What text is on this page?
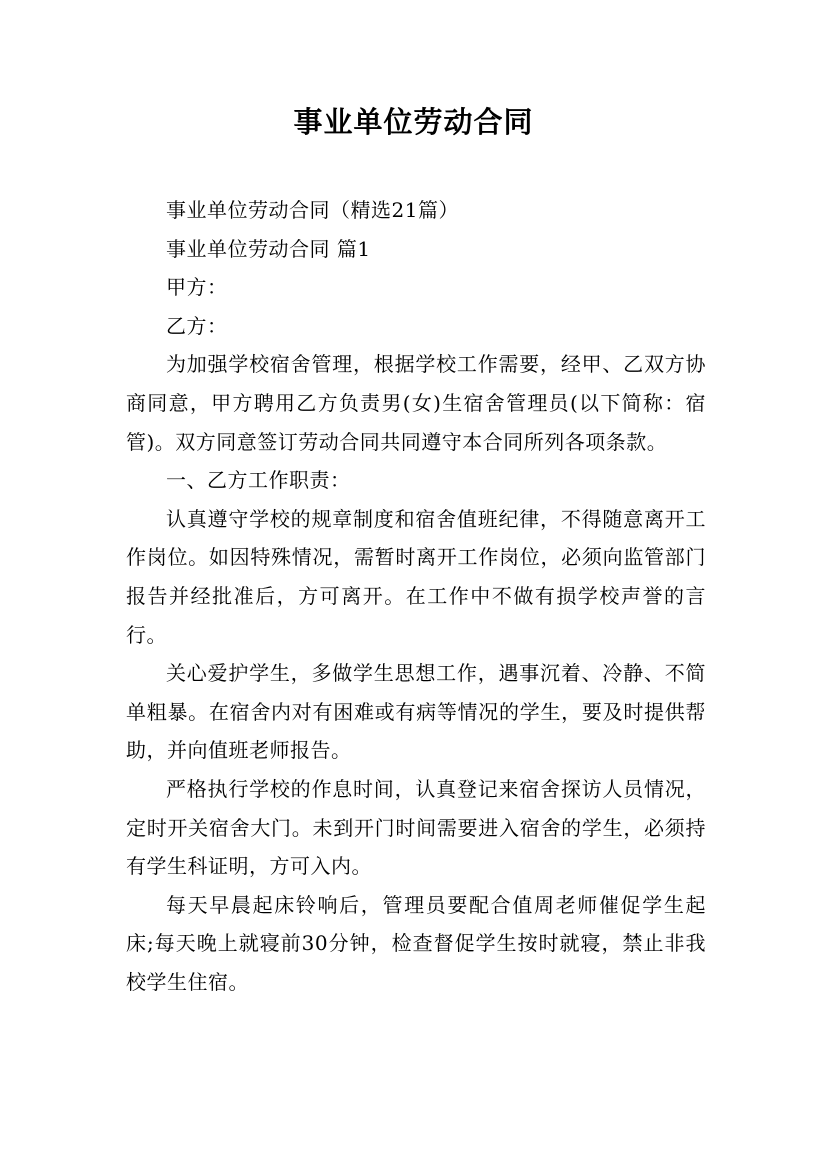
事业单位劳动合同

事业单位劳动合同（精选21篇）

事业单位劳动合同 篇1

甲方：

乙方：

为加强学校宿舍管理，根据学校工作需要，经甲、乙双方协商同意，甲方聘用乙方负责男(女)生宿舍管理员(以下简称：宿管)。双方同意签订劳动合同共同遵守本合同所列各项条款。

一、乙方工作职责：

认真遵守学校的规章制度和宿舍值班纪律，不得随意离开工作岗位。如因特殊情况，需暂时离开工作岗位，必须向监管部门报告并经批准后，方可离开。在工作中不做有损学校声誉的言行。

关心爱护学生，多做学生思想工作，遇事沉着、冷静、不简单粗暴。在宿舍内对有困难或有病等情况的学生，要及时提供帮助，并向值班老师报告。

严格执行学校的作息时间，认真登记来宿舍探访人员情况，定时开关宿舍大门。未到开门时间需要进入宿舍的学生，必须持有学生科证明，方可入内。

每天早晨起床铃响后，管理员要配合值周老师催促学生起床;每天晚上就寝前30分钟，检查督促学生按时就寝，禁止非我校学生住宿。
